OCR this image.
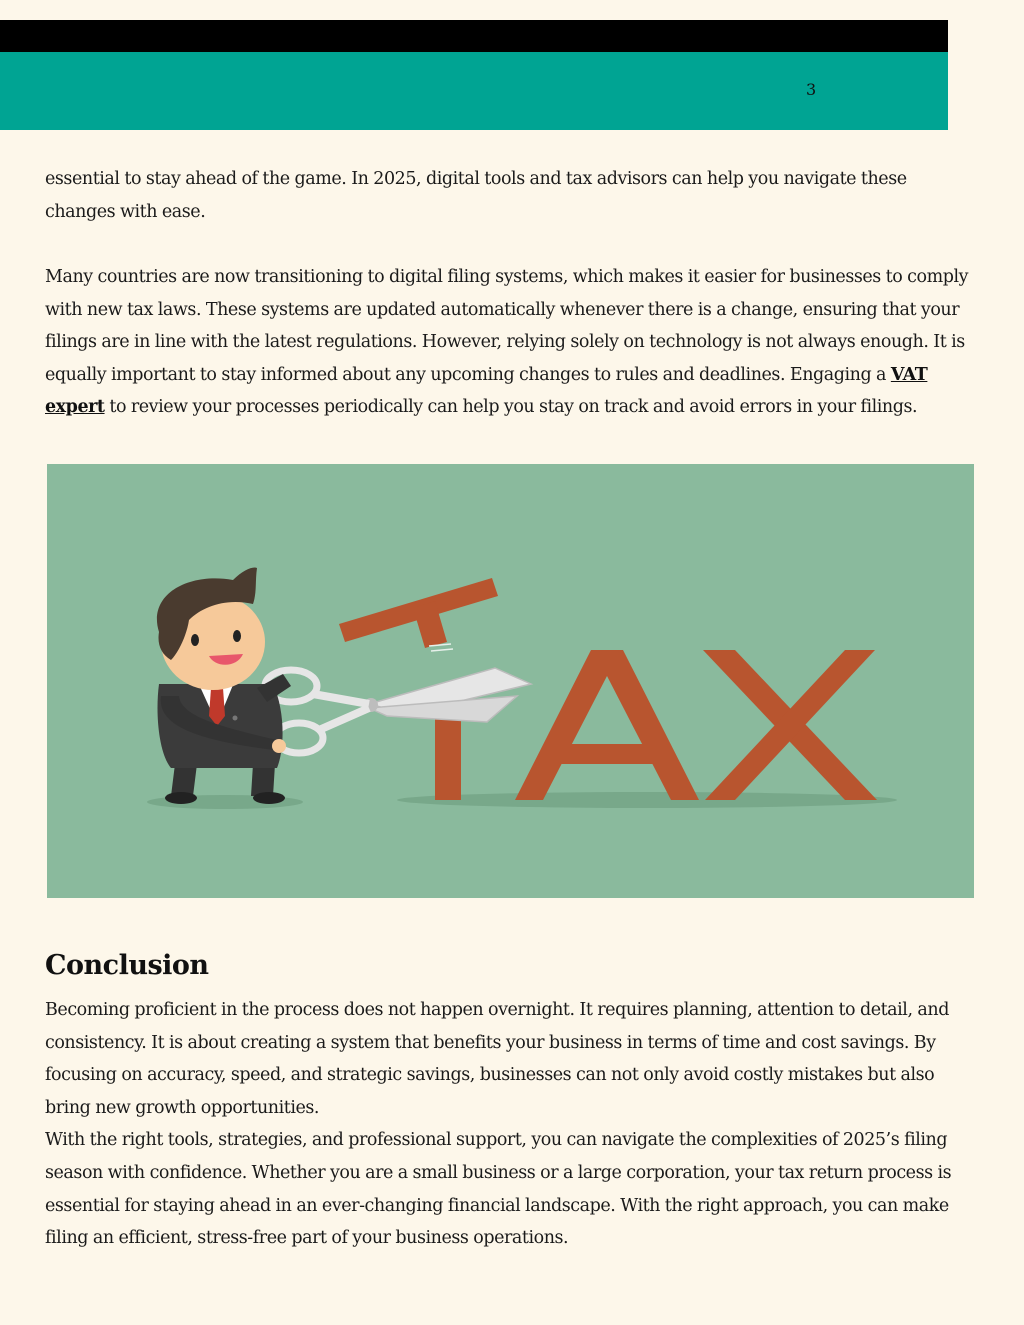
3

essential to stay ahead of the game. In 2025, digital tools and tax advisors can help you navigate these changes with ease.

Many countries are now transitioning to digital filing systems, which makes it easier for businesses to comply with new tax laws. These systems are updated automatically whenever there is a change, ensuring that your filings are in line with the latest regulations. However, relying solely on technology is not always enough. It is equally important to stay informed about any upcoming changes to rules and deadlines. Engaging a VAT expert to review your processes periodically can help you stay on track and avoid errors in your filings.

Conclusion
Becoming proficient in the process does not happen overnight. It requires planning, attention to detail, and consistency. It is about creating a system that benefits your business in terms of time and cost savings. By focusing on accuracy, speed, and strategic savings, businesses can not only avoid costly mistakes but also bring new growth opportunities.
With the right tools, strategies, and professional support, you can navigate the complexities of 2025’s filing season with confidence. Whether you are a small business or a large corporation, your tax return process is essential for staying ahead in an ever-changing financial landscape. With the right approach, you can make filing an efficient, stress-free part of your business operations.
